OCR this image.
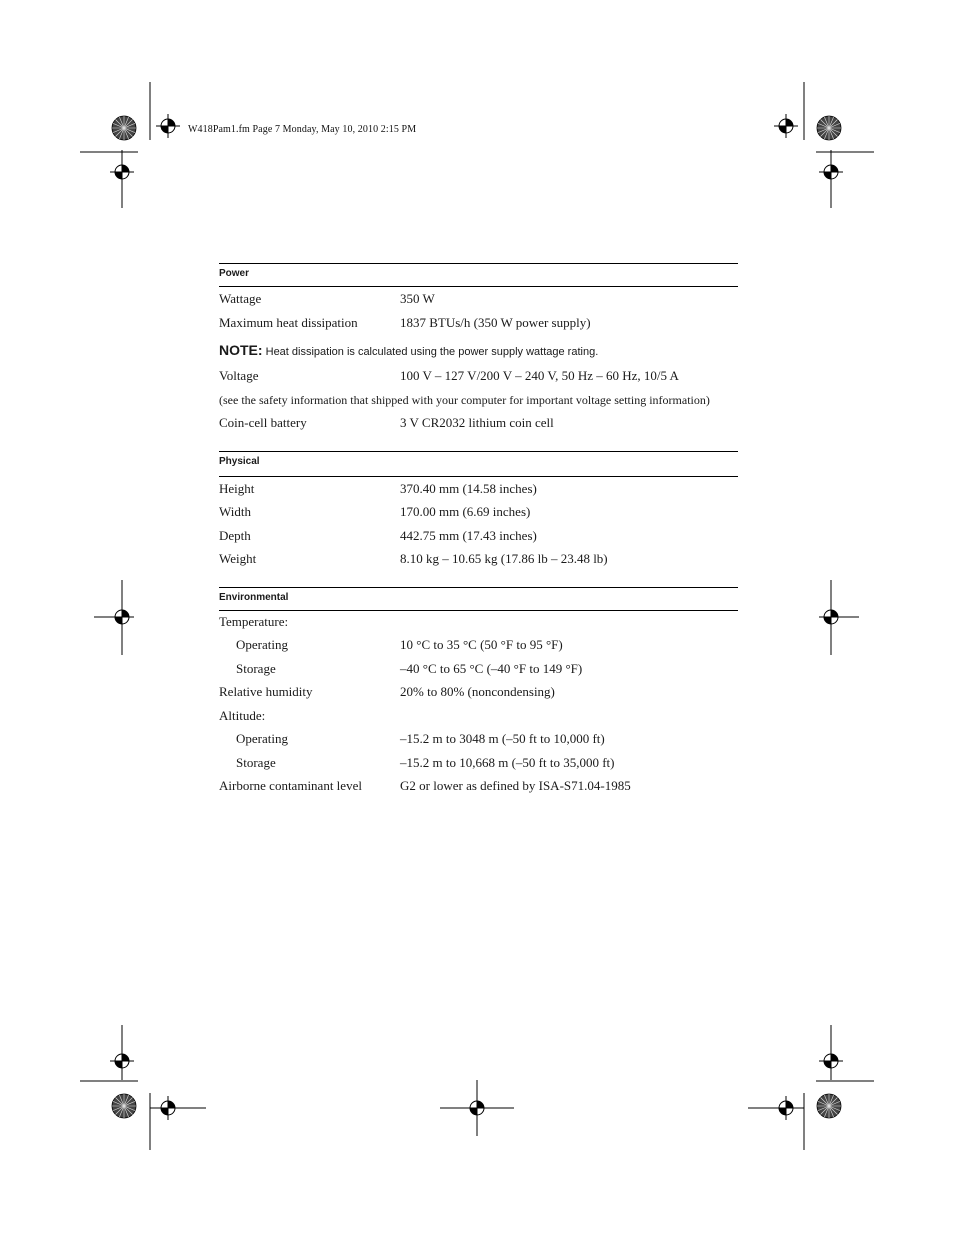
W418Pam1.fm Page 7 Monday, May 10, 2010 2:15 PM
Power
Wattage	350 W
Maximum heat dissipation	1837 BTUs/h (350 W power supply)
NOTE: Heat dissipation is calculated using the power supply wattage rating.
Voltage	100 V – 127 V/200 V – 240 V, 50 Hz – 60 Hz, 10/5 A
(see the safety information that shipped with your computer for important voltage setting information)
Coin-cell battery	3 V CR2032 lithium coin cell
Physical
Height	370.40 mm (14.58 inches)
Width	170.00 mm (6.69 inches)
Depth	442.75 mm (17.43 inches)
Weight	8.10 kg – 10.65 kg (17.86 lb – 23.48 lb)
Environmental
Temperature:
Operating	10 °C to 35 °C (50 °F to 95 °F)
Storage	–40 °C to 65 °C (–40 °F to 149 °F)
Relative humidity	20% to 80% (noncondensing)
Altitude:
Operating	–15.2 m to 3048 m (–50 ft to 10,000 ft)
Storage	–15.2 m to 10,668 m (–50 ft to 35,000 ft)
Airborne contaminant level	G2 or lower as defined by ISA-S71.04-1985
